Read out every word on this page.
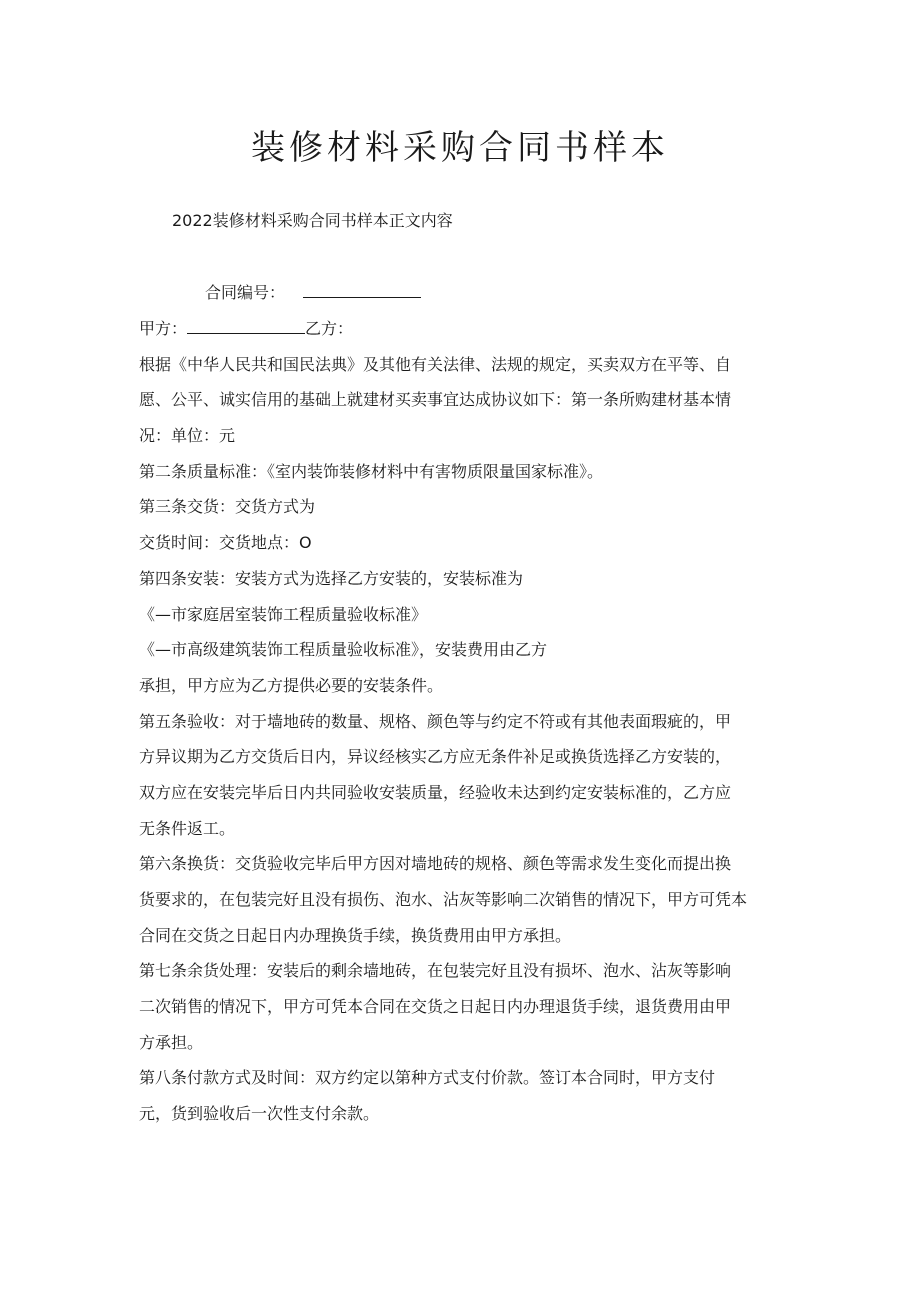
装修材料采购合同书样本
2022装修材料采购合同书样本正文内容
合同编号：
甲方：	乙方：
根据《中华人民共和国民法典》及其他有关法律、法规的规定，买卖双方在平等、自
愿、公平、诚实信用的基础上就建材买卖事宜达成协议如下：第一条所购建材基本情
况：单位：元
第二条质量标准：《室内装饰装修材料中有害物质限量国家标准》。
第三条交货：交货方式为
交货时间：交货地点：O
第四条安装：安装方式为选择乙方安装的，安装标准为
《—市家庭居室装饰工程质量验收标准》
《—市高级建筑装饰工程质量验收标准》，安装费用由乙方
承担，甲方应为乙方提供必要的安装条件。
第五条验收：对于墙地砖的数量、规格、颜色等与约定不符或有其他表面瑕疵的，甲
方异议期为乙方交货后日内，异议经核实乙方应无条件补足或换货选择乙方安装的，
双方应在安装完毕后日内共同验收安装质量，经验收未达到约定安装标准的，乙方应
无条件返工。
第六条换货：交货验收完毕后甲方因对墙地砖的规格、颜色等需求发生变化而提出换
货要求的，在包装完好且没有损伤、泡水、沾灰等影响二次销售的情况下，甲方可凭本
合同在交货之日起日内办理换货手续，换货费用由甲方承担。
第七条余货处理：安装后的剩余墙地砖，在包装完好且没有损坏、泡水、沾灰等影响
二次销售的情况下，甲方可凭本合同在交货之日起日内办理退货手续，退货费用由甲
方承担。
第八条付款方式及时间：双方约定以第种方式支付价款。签订本合同时，甲方支付
元，货到验收后一次性支付余款。
